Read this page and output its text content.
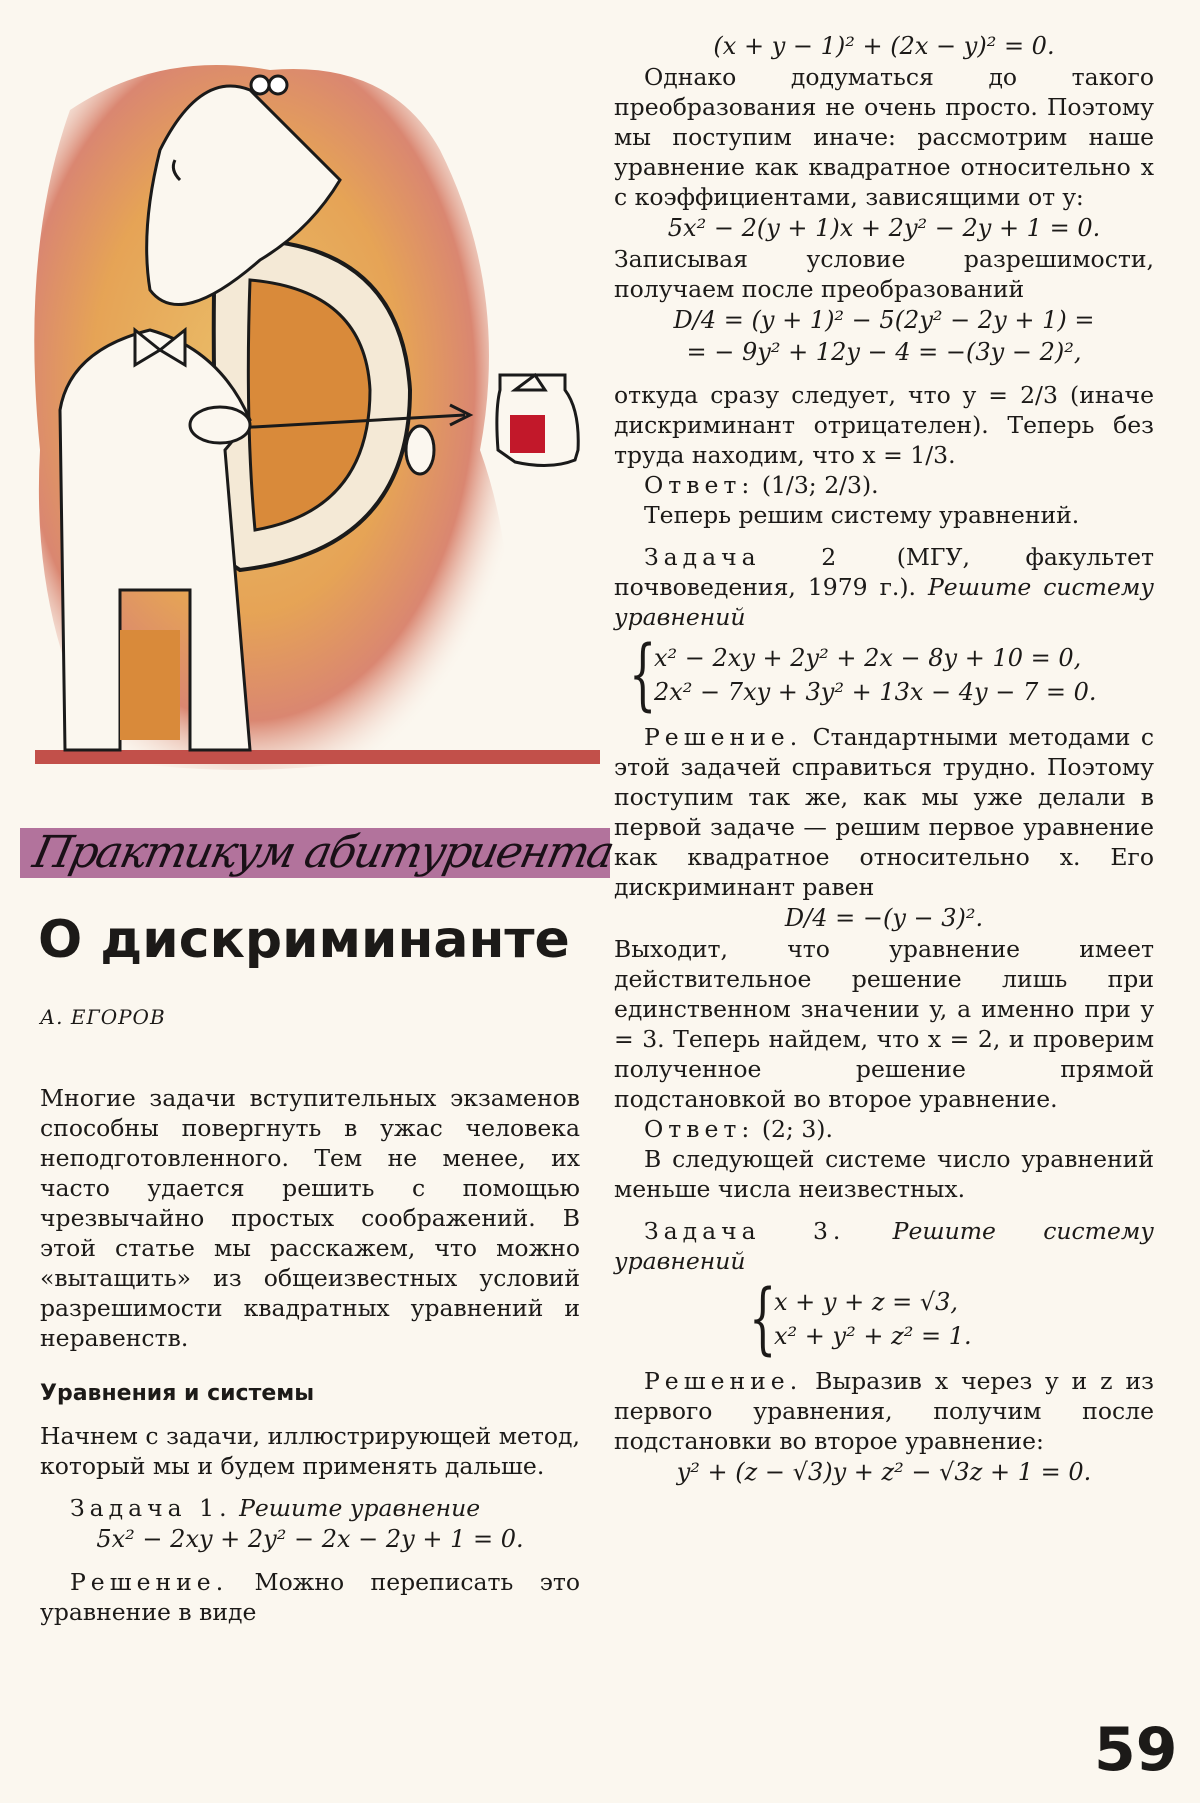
Практикум абитуриента
О дискриминанте
А. ЕГОРОВ

Многие задачи вступительных экзаменов способны повергнуть в ужас человека неподготовленного. Тем не менее, их часто удается решить с помощью чрезвычайно простых соображений. В этой статье мы расскажем, что можно «вытащить» из общеизвестных условий разрешимости квадратных уравнений и неравенств.

Уравнения и системы

Начнем с задачи, иллюстрирующей метод, который мы и будем применять дальше.

Задача 1. Решите уравнение

5x² − 2xy + 2y² − 2x − 2y + 1 = 0.

Решение. Можно переписать это уравнение в виде

(x + y − 1)² + (2x − y)² = 0.

Однако додуматься до такого преобразования не очень просто. Поэтому мы поступим иначе: рассмотрим наше уравнение как квадратное относительно x с коэффициентами, зависящими от y:

5x² − 2(y + 1)x + 2y² − 2y + 1 = 0.

Записывая условие разрешимости, получаем после преобразований

D/4 = (y + 1)² − 5(2y² − 2y + 1) =

= − 9y² + 12y − 4 = −(3y − 2)²,

откуда сразу следует, что y = 2/3 (иначе дискриминант отрицателен). Теперь без труда находим, что x = 1/3.

Ответ: (1/3; 2/3).

Теперь решим систему уравнений.

Задача 2 (МГУ, факультет почвоведения, 1979 г.). Решите систему уравнений

{
x² − 2xy + 2y² + 2x − 8y + 10 = 0,
2x² − 7xy + 3y² + 13x − 4y − 7 = 0.

Решение. Стандартными методами с этой задачей справиться трудно. Поэтому поступим так же, как мы уже делали в первой задаче — решим первое уравнение как квадратное относительно x. Его дискриминант равен

D/4 = −(y − 3)².

Выходит, что уравнение имеет действительное решение лишь при единственном значении y, а именно при y = 3. Теперь найдем, что x = 2, и проверим полученное решение прямой подстановкой во второе уравнение.

Ответ: (2; 3).

В следующей системе число уравнений меньше числа неизвестных.

Задача 3. Решите систему уравнений

{
x + y + z = √3,
x² + y² + z² = 1.

Решение. Выразив x через y и z из первого уравнения, получим после подстановки во второе уравнение:

y² + (z − √3)y + z² − √3z + 1 = 0.

59
